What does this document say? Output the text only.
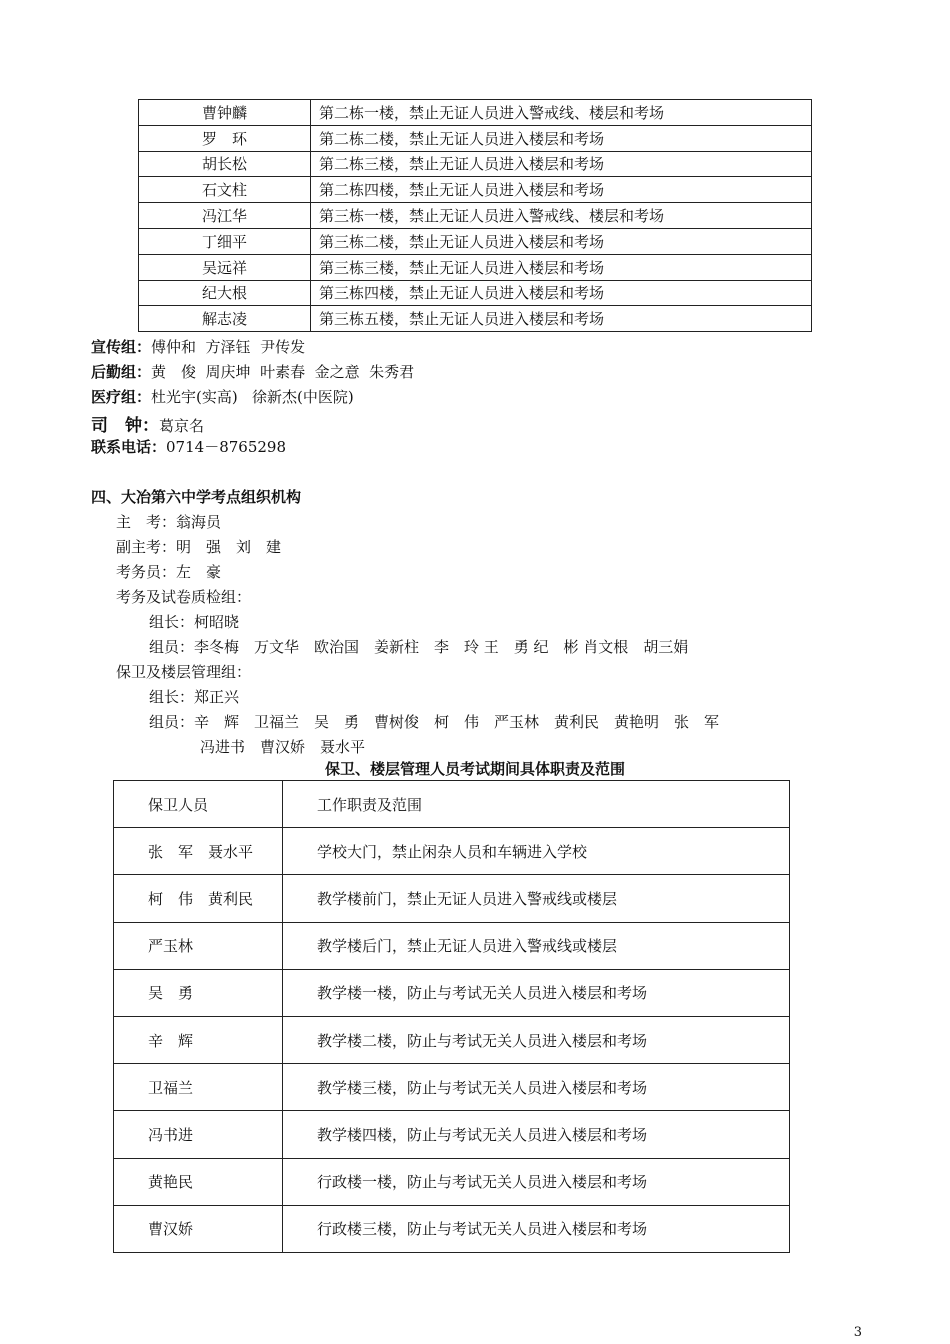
曹钟麟	第二栋一楼，禁止无证人员进入警戒线、楼层和考场
罗　环	第二栋二楼，禁止无证人员进入楼层和考场
胡长松	第二栋三楼，禁止无证人员进入楼层和考场
石文柱	第二栋四楼，禁止无证人员进入楼层和考场
冯江华	第三栋一楼，禁止无证人员进入警戒线、楼层和考场
丁细平	第三栋二楼，禁止无证人员进入楼层和考场
吴远祥	第三栋三楼，禁止无证人员进入楼层和考场
纪大根	第三栋四楼，禁止无证人员进入楼层和考场
解志凌	第三栋五楼，禁止无证人员进入楼层和考场
宣传组：傅仲和  方泽钰  尹传发
后勤组：黄　俊  周庆坤  叶素春  金之意  朱秀君
医疗组：杜光宇(实高)   徐新杰(中医院)
司　钟：葛京名
联系电话：0714－8765298
四、大冶第六中学考点组织机构
主　考：翁海员
副主考：明　强　刘　建
考务员：左　豪
考务及试卷质检组：
组长：柯昭晓
组员：李冬梅　万文华　欧治国　姜新柱　李　玲 王　勇 纪　彬 肖文根　胡三娟
保卫及楼层管理组：
组长：郑正兴
组员：辛　辉　卫福兰　吴　勇　曹树俊　柯　伟　严玉林　黄利民　黄艳明　张　军
冯进书　曹汉娇　聂水平
保卫、楼层管理人员考试期间具体职责及范围
保卫人员	工作职责及范围
张　军　聂水平	学校大门，禁止闲杂人员和车辆进入学校
柯　伟　黄利民	教学楼前门，禁止无证人员进入警戒线或楼层
严玉林	教学楼后门，禁止无证人员进入警戒线或楼层
吴　勇	教学楼一楼，防止与考试无关人员进入楼层和考场
辛　辉	教学楼二楼，防止与考试无关人员进入楼层和考场
卫福兰	教学楼三楼，防止与考试无关人员进入楼层和考场
冯书进	教学楼四楼，防止与考试无关人员进入楼层和考场
黄艳民	行政楼一楼，防止与考试无关人员进入楼层和考场
曹汉娇	行政楼三楼，防止与考试无关人员进入楼层和考场
3
